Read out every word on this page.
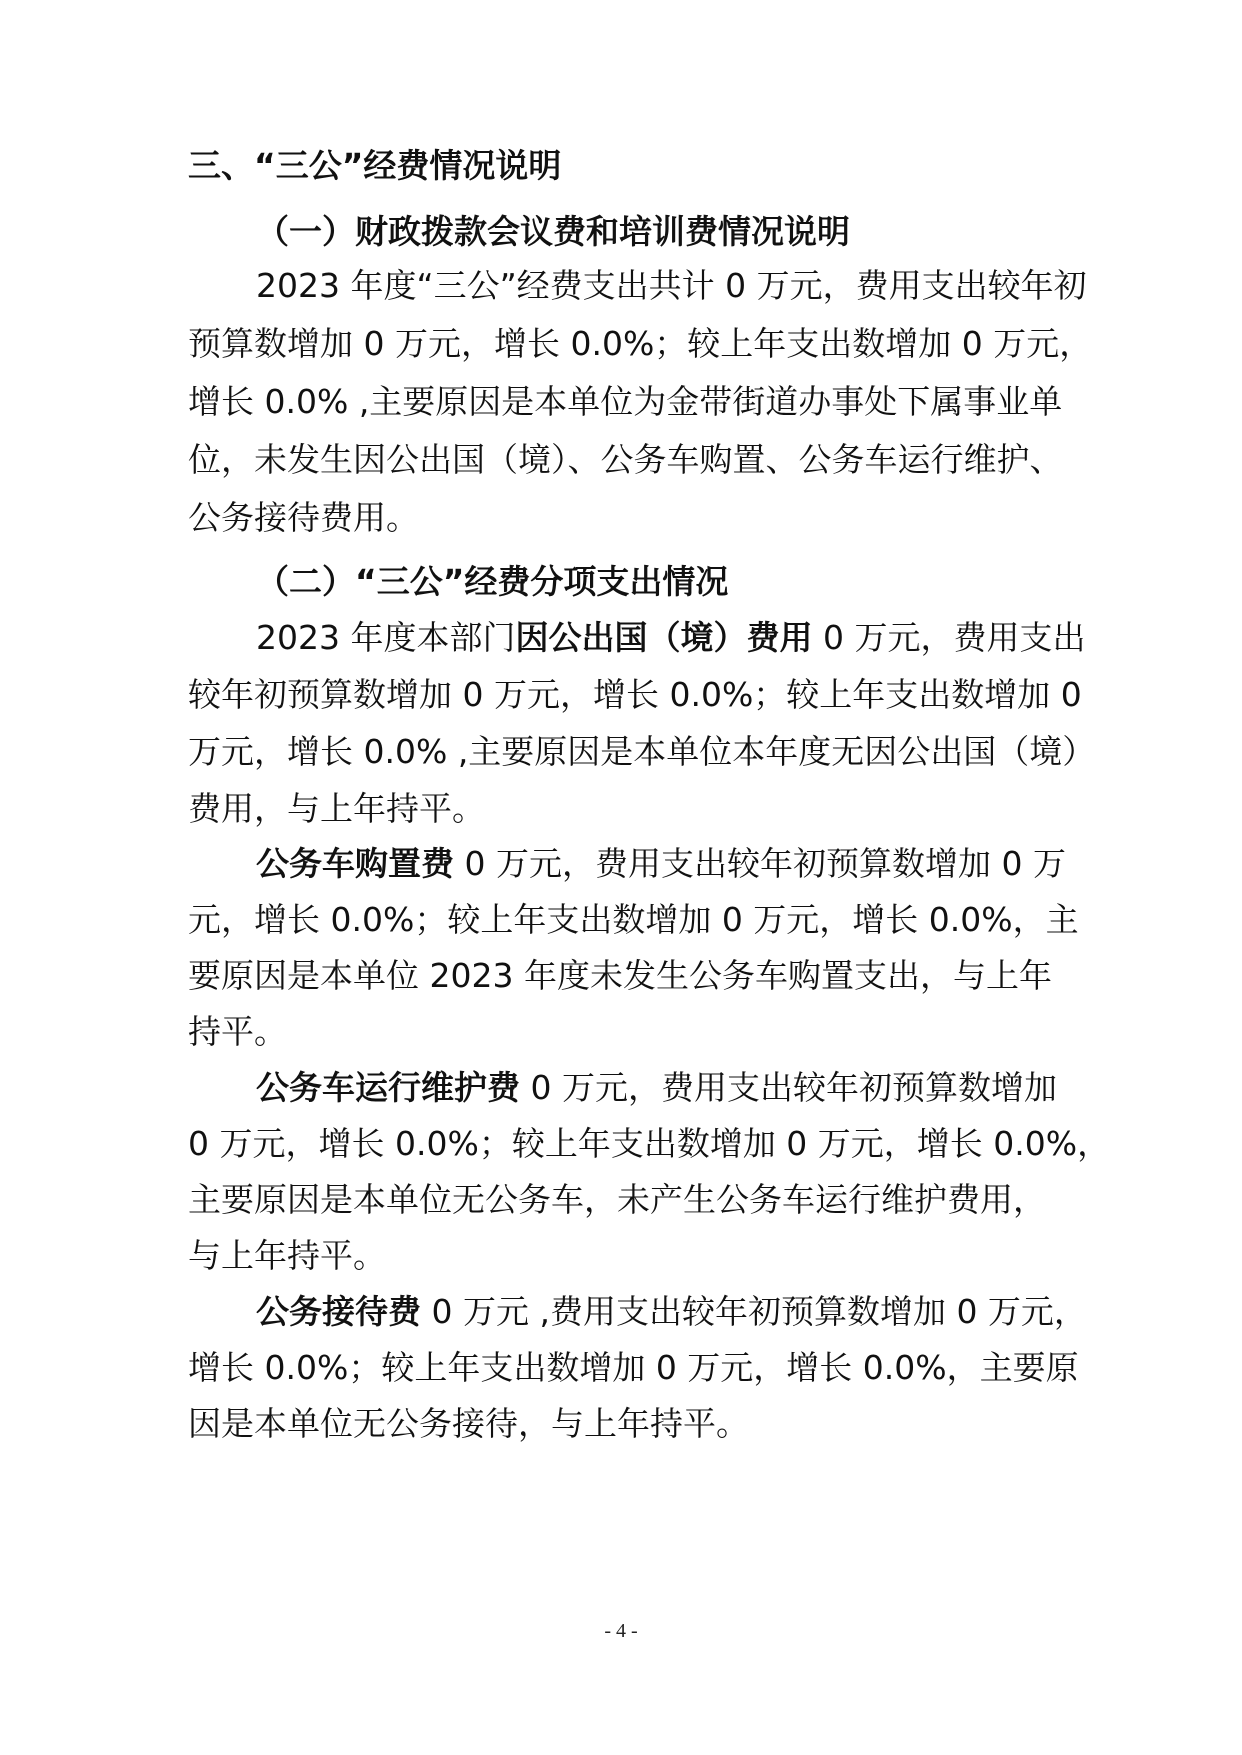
三、“三公”经费情况说明
（一）财政拨款会议费和培训费情况说明
2023 年度“三公”经费支出共计 0 万元，费用支出较年初
预算数增加 0 万元，增长 0.0%；较上年支出数增加 0 万元，
增长 0.0% ,主要原因是本单位为金带街道办事处下属事业单
位，未发生因公出国（境）、公务车购置、公务车运行维护、
公务接待费用。
（二）“三公”经费分项支出情况
2023 年度本部门因公出国（境）费用 0 万元，费用支出
较年初预算数增加 0 万元，增长 0.0%；较上年支出数增加 0
万元，增长 0.0% ,主要原因是本单位本年度无因公出国（境）
费用，与上年持平。
公务车购置费 0 万元，费用支出较年初预算数增加 0 万
元，增长 0.0%；较上年支出数增加 0 万元，增长 0.0%，主
要原因是本单位 2023 年度未发生公务车购置支出，与上年
持平。
公务车运行维护费 0 万元，费用支出较年初预算数增加
0 万元，增长 0.0%；较上年支出数增加 0 万元，增长 0.0%，
主要原因是本单位无公务车，未产生公务车运行维护费用，
与上年持平。
公务接待费 0 万元 ,费用支出较年初预算数增加 0 万元，
增长 0.0%；较上年支出数增加 0 万元，增长 0.0%，主要原
因是本单位无公务接待，与上年持平。
- 4 -
